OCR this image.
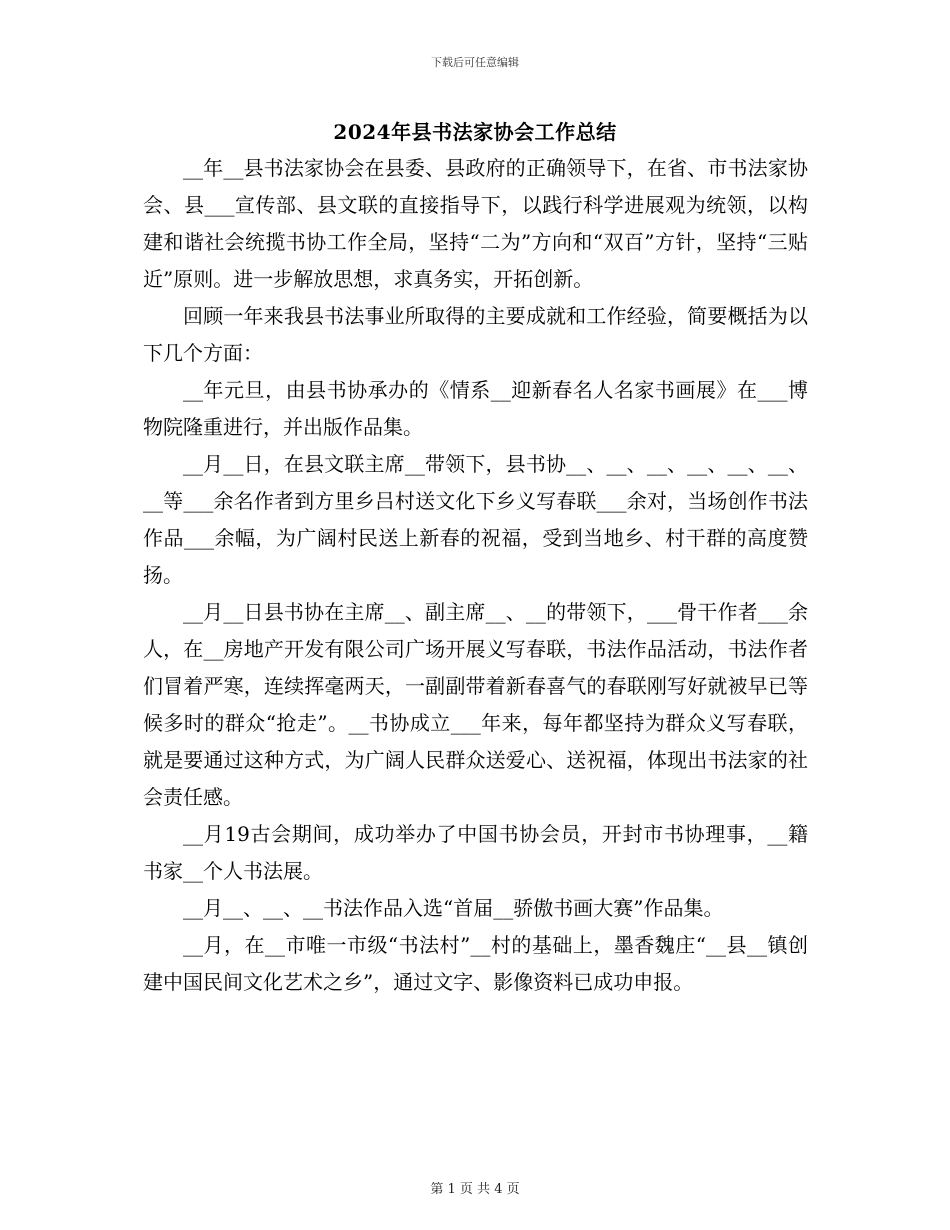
下载后可任意编辑
2024年县书法家协会工作总结

__年__县书法家协会在县委、县政府的正确领导下，在省、市书法家协会、县___宣传部、县文联的直接指导下，以践行科学进展观为统领，以构建和谐社会统揽书协工作全局，坚持“二为”方向和“双百”方针，坚持“三贴近”原则。进一步解放思想，求真务实，开拓创新。

回顾一年来我县书法事业所取得的主要成就和工作经验，简要概括为以下几个方面：

__年元旦，由县书协承办的《情系__迎新春名人名家书画展》在___博物院隆重进行，并出版作品集。

__月__日，在县文联主席__带领下，县书协__、__、__、__、__、__、__等___余名作者到方里乡吕村送文化下乡义写春联___余对，当场创作书法作品___余幅，为广阔村民送上新春的祝福，受到当地乡、村干群的高度赞扬。

__月__日县书协在主席__、副主席__、__的带领下，___骨干作者___余人，在__房地产开发有限公司广场开展义写春联，书法作品活动，书法作者们冒着严寒，连续挥毫两天，一副副带着新春喜气的春联刚写好就被早已等候多时的群众“抢走”。__书协成立___年来，每年都坚持为群众义写春联，就是要通过这种方式，为广阔人民群众送爱心、送祝福，体现出书法家的社会责任感。

__月19古会期间，成功举办了中国书协会员，开封市书协理事，__籍书家__个人书法展。

__月__、__、__书法作品入选“首届__骄傲书画大赛”作品集。

__月，在__市唯一市级“书法村”__村的基础上，墨香魏庄“__县__镇创建中国民间文化艺术之乡”，通过文字、影像资料已成功申报。

第 1 页 共 4 页
